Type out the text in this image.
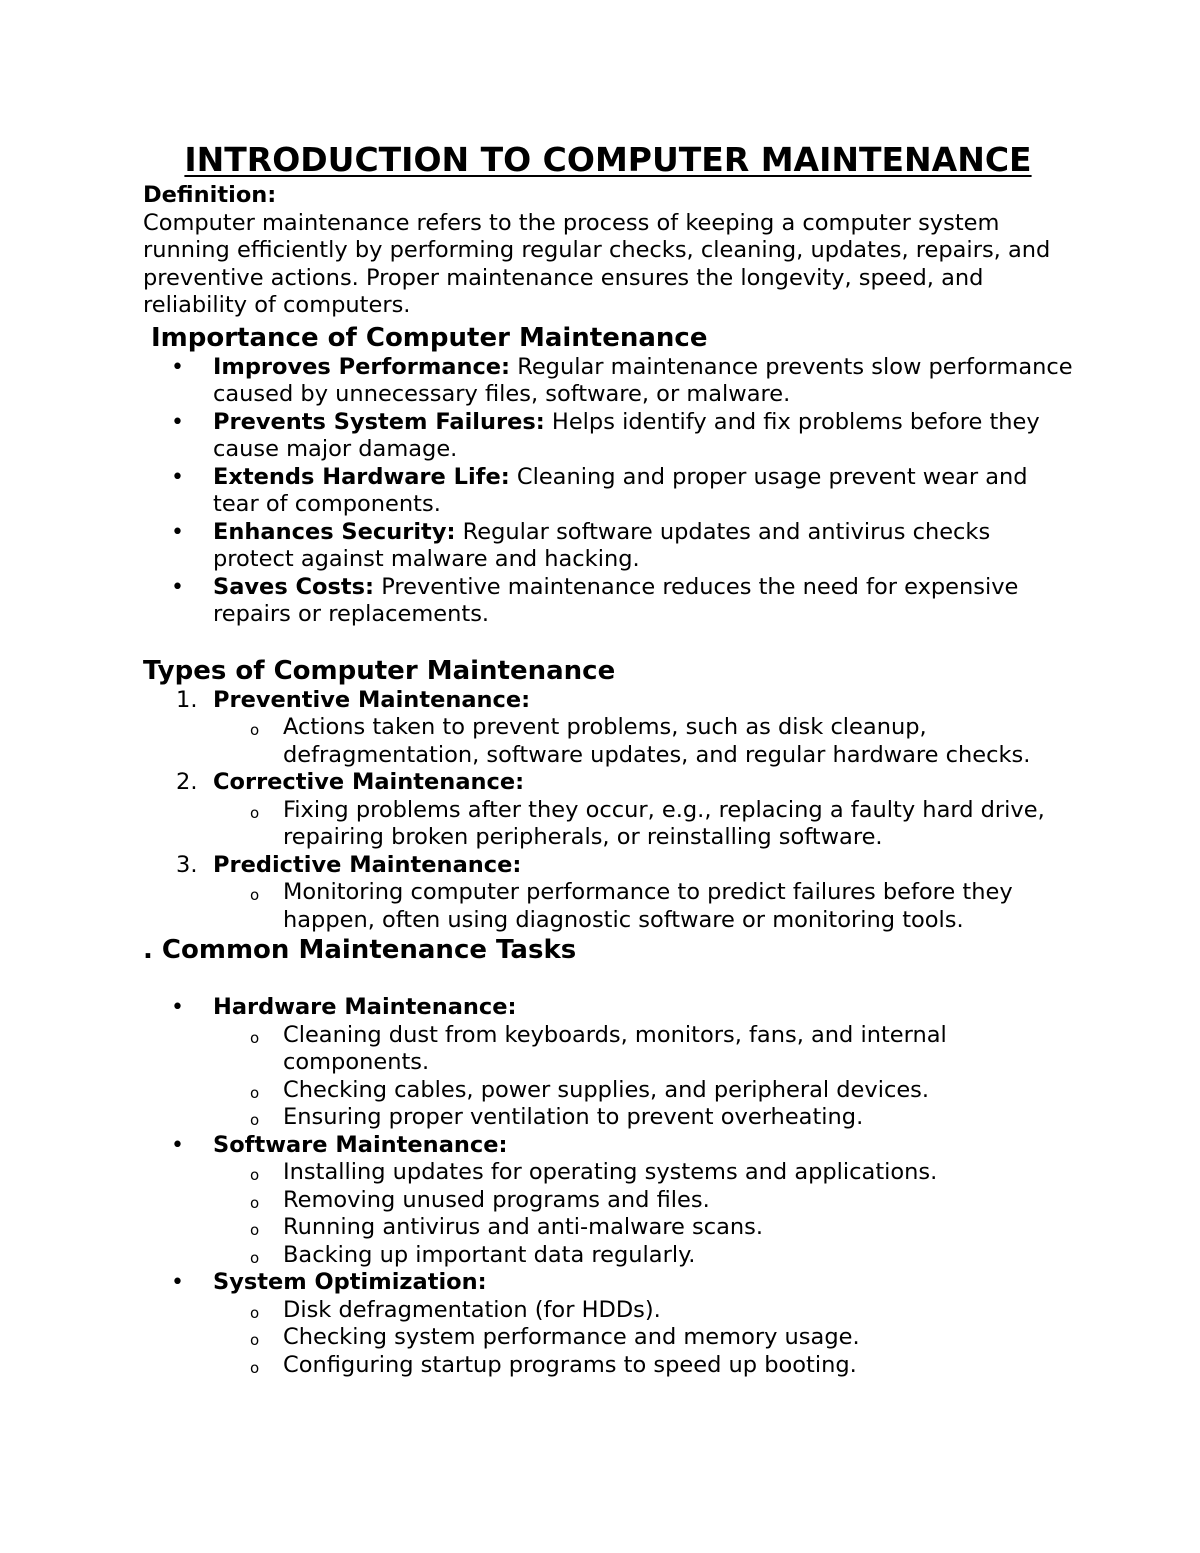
INTRODUCTION TO COMPUTER MAINTENANCE

Definition:

Computer maintenance refers to the process of keeping a computer system running efficiently by performing regular checks, cleaning, updates, repairs, and preventive actions. Proper maintenance ensures the longevity, speed, and reliability of computers.

Importance of Computer Maintenance
• Improves Performance: Regular maintenance prevents slow performance caused by unnecessary files, software, or malware.
• Prevents System Failures: Helps identify and fix problems before they cause major damage.
• Extends Hardware Life: Cleaning and proper usage prevent wear and tear of components.
• Enhances Security: Regular software updates and antivirus checks protect against malware and hacking.
• Saves Costs: Preventive maintenance reduces the need for expensive repairs or replacements.
Types of Computer Maintenance
1. Preventive Maintenance:
o Actions taken to prevent problems, such as disk cleanup, defragmentation, software updates, and regular hardware checks.
2. Corrective Maintenance:
o Fixing problems after they occur, e.g., replacing a faulty hard drive, repairing broken peripherals, or reinstalling software.
3. Predictive Maintenance:
o Monitoring computer performance to predict failures before they happen, often using diagnostic software or monitoring tools.
. Common Maintenance Tasks
• Hardware Maintenance:
o Cleaning dust from keyboards, monitors, fans, and internal components.
o Checking cables, power supplies, and peripheral devices.
o Ensuring proper ventilation to prevent overheating.
• Software Maintenance:
o Installing updates for operating systems and applications.
o Removing unused programs and files.
o Running antivirus and anti-malware scans.
o Backing up important data regularly.
• System Optimization:
o Disk defragmentation (for HDDs).
o Checking system performance and memory usage.
o Configuring startup programs to speed up booting.
